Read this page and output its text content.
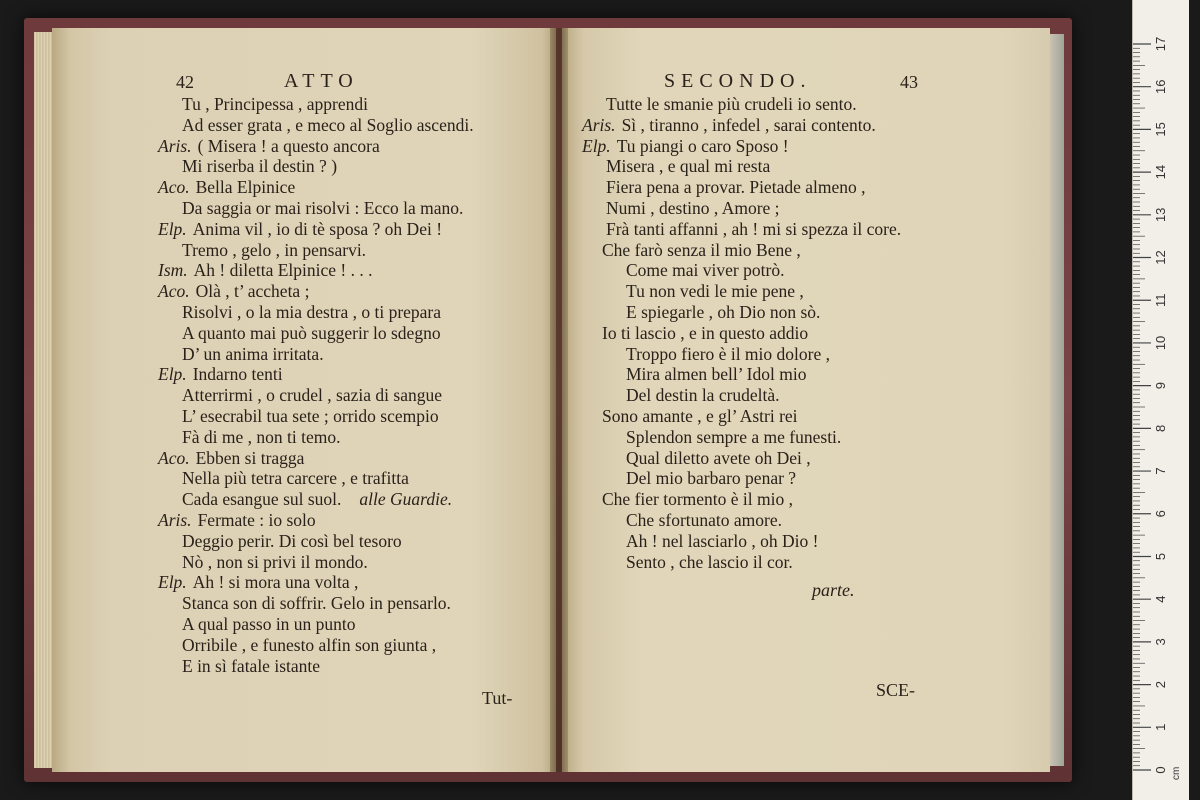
42	ATTO	SECONDO.	43
Tu , Principessa , apprendi
Ad esser grata , e meco al Soglio ascendi.
Aris. ( Misera ! a questo ancora
Mi riserba il destin ? )
Aco. Bella Elpinice
Da saggia or mai risolvi : Ecco la mano.
Elp. Anima vil , io di tè sposa ? oh Dei !
Tremo , gelo , in pensarvi.
Ism. Ah ! diletta Elpinice ! . . .
Aco. Olà , t’ accheta ;
Risolvi , o la mia destra , o ti prepara
A quanto mai può suggerir lo sdegno
D’ un anima irritata.
Elp. Indarno tenti
Atterrirmi , o crudel , sazia di sangue
L’ esecrabil tua sete ; orrido scempio
Fà di me , non ti temo.
Aco. Ebben si tragga
Nella più tetra carcere , e trafitta
Cada esangue sul suol. alle Guardie.
Aris. Fermate : io solo
Deggio perir. Di così bel tesoro
Nò , non si privi il mondo.
Elp. Ah ! si mora una volta ,
Stanca son di soffrir. Gelo in pensarlo.
A qual passo in un punto
Orribile , e funesto alfin son giunta ,
E in sì fatale istante
Tutte le smanie più crudeli io sento.
Aris. Sì , tiranno , infedel , sarai contento.
Elp. Tu piangi o caro Sposo !
Misera , e qual mi resta
Fiera pena a provar. Pietade almeno ,
Numi , destino , Amore ;
Frà tanti affanni , ah ! mi si spezza il core.
Che farò senza il mio Bene ,
Come mai viver potrò.
Tu non vedi le mie pene ,
E spiegarle , oh Dio non sò.
Io ti lascio , e in questo addio
Troppo fiero è il mio dolore ,
Mira almen bell’ Idol mio
Del destin la crudeltà.
Sono amante , e gl’ Astri rei
Splendon sempre a me funesti.
Qual diletto avete oh Dei ,
Del mio barbaro penar ?
Che fier tormento è il mio ,
Che sfortunato amore.
Ah ! nel lasciarlo , oh Dio !
Sento , che lascio il cor.
parte.
Tut-	SCE-
0
1
2
3
4
5
6
7
8
9
10
11
12
13
14
15
16
17
cm
